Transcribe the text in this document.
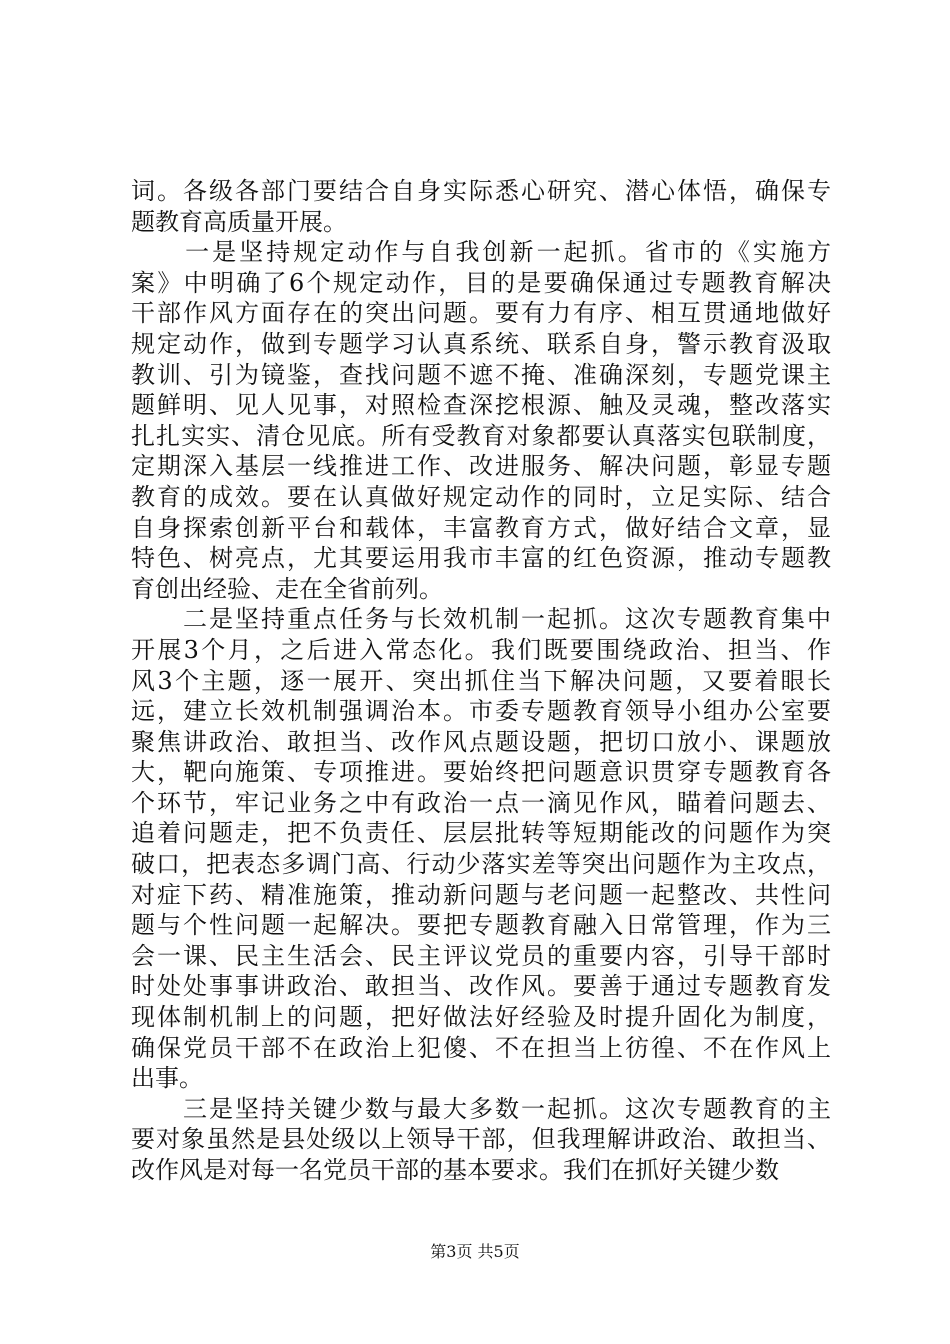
词。各级各部门要结合自身实际悉心研究、潜心体悟，确保专
题教育高质量开展。
　　一是坚持规定动作与自我创新一起抓。省市的《实施方
案》中明确了6个规定动作，目的是要确保通过专题教育解决
干部作风方面存在的突出问题。要有力有序、相互贯通地做好
规定动作，做到专题学习认真系统、联系自身，警示教育汲取
教训、引为镜鉴，查找问题不遮不掩、准确深刻，专题党课主
题鲜明、见人见事，对照检查深挖根源、触及灵魂，整改落实
扎扎实实、清仓见底。所有受教育对象都要认真落实包联制度，
定期深入基层一线推进工作、改进服务、解决问题，彰显专题
教育的成效。要在认真做好规定动作的同时，立足实际、结合
自身探索创新平台和载体，丰富教育方式，做好结合文章，显
特色、树亮点，尤其要运用我市丰富的红色资源，推动专题教
育创出经验、走在全省前列。
　　二是坚持重点任务与长效机制一起抓。这次专题教育集中
开展3个月，之后进入常态化。我们既要围绕政治、担当、作
风3个主题，逐一展开、突出抓住当下解决问题，又要着眼长
远，建立长效机制强调治本。市委专题教育领导小组办公室要
聚焦讲政治、敢担当、改作风点题设题，把切口放小、课题放
大，靶向施策、专项推进。要始终把问题意识贯穿专题教育各
个环节，牢记业务之中有政治一点一滴见作风，瞄着问题去、
追着问题走，把不负责任、层层批转等短期能改的问题作为突
破口，把表态多调门高、行动少落实差等突出问题作为主攻点，
对症下药、精准施策，推动新问题与老问题一起整改、共性问
题与个性问题一起解决。要把专题教育融入日常管理，作为三
会一课、民主生活会、民主评议党员的重要内容，引导干部时
时处处事事讲政治、敢担当、改作风。要善于通过专题教育发
现体制机制上的问题，把好做法好经验及时提升固化为制度，
确保党员干部不在政治上犯傻、不在担当上彷徨、不在作风上
出事。
　　三是坚持关键少数与最大多数一起抓。这次专题教育的主
要对象虽然是县处级以上领导干部，但我理解讲政治、敢担当、
改作风是对每一名党员干部的基本要求。我们在抓好关键少数
第3页 共5页
